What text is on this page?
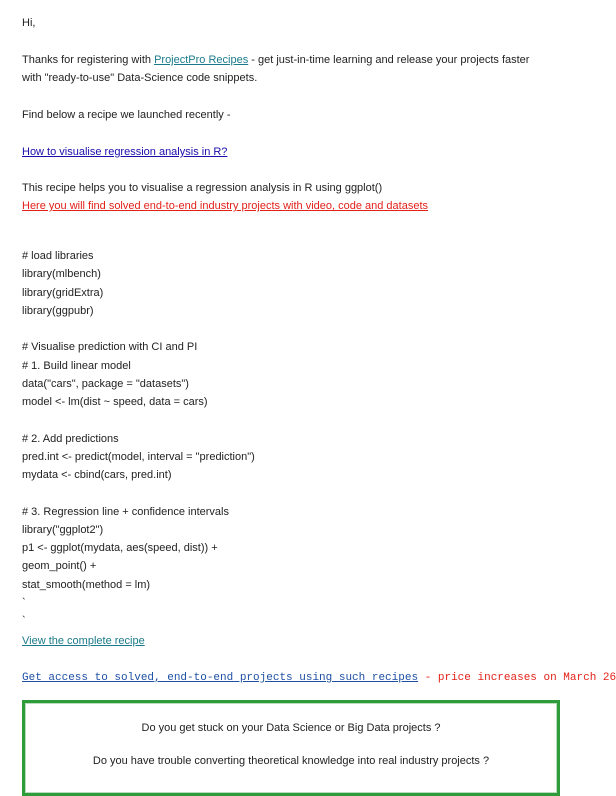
Hi,
Thanks for registering with ProjectPro Recipes - get just-in-time learning and release your projects faster with "ready-to-use" Data-Science code snippets.
Find below a recipe we launched recently -
How to visualise regression analysis in R?
This recipe helps you to visualise a regression analysis in R using ggplot()
Here you will find solved end-to-end industry projects with video, code and datasets
# load libraries
library(mlbench)
library(gridExtra)
library(ggpubr)
# Visualise prediction with CI and PI
# 1. Build linear model
data("cars", package = "datasets")
model <- lm(dist ~ speed, data = cars)
# 2. Add predictions
pred.int <- predict(model, interval = "prediction")
mydata <- cbind(cars, pred.int)
# 3. Regression line + confidence intervals
library("ggplot2")
p1 <- ggplot(mydata, aes(speed, dist)) +
geom_point() +
stat_smooth(method = lm)
`
`
View the complete recipe
Get access to solved, end-to-end projects using such recipes - price increases on March 26
Do you get stuck on your Data Science or Big Data projects ?
Do you have trouble converting theoretical knowledge into real industry projects ?
